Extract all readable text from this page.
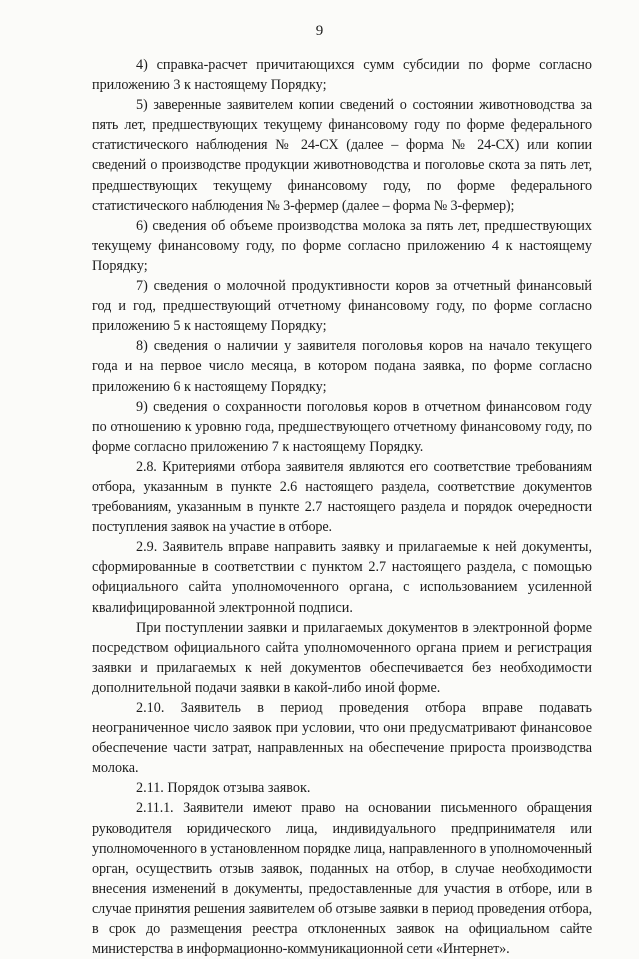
9

4) справка-расчет причитающихся сумм субсидии по форме согласно приложению 3 к настоящему Порядку;

5) заверенные заявителем копии сведений о состоянии животноводства за пять лет, предшествующих текущему финансовому году по форме федерального статистического наблюдения № 24-СХ (далее – форма № 24-СХ) или копии сведений о производстве продукции животноводства и поголовье скота за пять лет, предшествующих текущему финансовому году, по форме федерального статистического наблюдения № 3-фермер (далее – форма № 3-фермер);

6) сведения об объеме производства молока за пять лет, предшествующих текущему финансовому году, по форме согласно приложению 4 к настоящему Порядку;

7) сведения о молочной продуктивности коров за отчетный финансовый год и год, предшествующий отчетному финансовому году, по форме согласно приложению 5 к настоящему Порядку;

8) сведения о наличии у заявителя поголовья коров на начало текущего года и на первое число месяца, в котором подана заявка, по форме согласно приложению 6 к настоящему Порядку;

9) сведения о сохранности поголовья коров в отчетном финансовом году по отношению к уровню года, предшествующего отчетному финансовому году, по форме согласно приложению 7 к настоящему Порядку.

2.8. Критериями отбора заявителя являются его соответствие требованиям отбора, указанным в пункте 2.6 настоящего раздела, соответствие документов требованиям, указанным в пункте 2.7 настоящего раздела и порядок очередности поступления заявок на участие в отборе.

2.9. Заявитель вправе направить заявку и прилагаемые к ней документы, сформированные в соответствии с пунктом 2.7 настоящего раздела, с помощью официального сайта уполномоченного органа, с использованием усиленной квалифицированной электронной подписи.

При поступлении заявки и прилагаемых документов в электронной форме посредством официального сайта уполномоченного органа прием и регистрация заявки и прилагаемых к ней документов обеспечивается без необходимости дополнительной подачи заявки в какой-либо иной форме.

2.10. Заявитель в период проведения отбора вправе подавать неограниченное число заявок при условии, что они предусматривают финансовое обеспечение части затрат, направленных на обеспечение прироста производства молока.

2.11. Порядок отзыва заявок.

2.11.1. Заявители имеют право на основании письменного обращения руководителя юридического лица, индивидуального предпринимателя или уполномоченного в установленном порядке лица, направленного в уполномоченный орган, осуществить отзыв заявок, поданных на отбор, в случае необходимости внесения изменений в документы, предоставленные для участия в отборе, или в случае принятия решения заявителем об отзыве заявки в период проведения отбора, в срок до размещения реестра отклоненных заявок на официальном сайте министерства в информационно-коммуникационной сети «Интернет».
